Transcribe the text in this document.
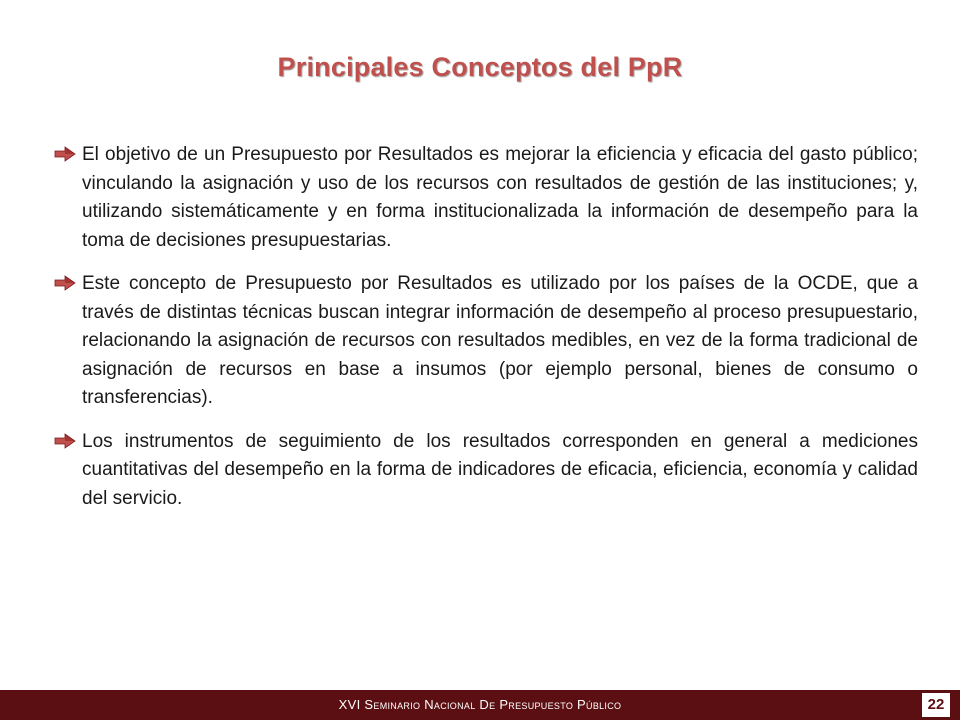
Principales Conceptos del PpR
El objetivo de un Presupuesto por Resultados es mejorar la eficiencia y eficacia del gasto público; vinculando la asignación y uso de los recursos con resultados de gestión de las instituciones; y, utilizando sistemáticamente y en forma institucionalizada la información de desempeño para la toma de decisiones presupuestarias.
Este concepto de Presupuesto por Resultados es utilizado por los países de la OCDE, que a través de distintas técnicas buscan integrar información de desempeño al proceso presupuestario, relacionando la asignación de recursos con resultados medibles, en vez de la forma tradicional de asignación de recursos en base a insumos (por ejemplo personal, bienes de consumo o transferencias).
Los instrumentos de seguimiento de los resultados corresponden en general a mediciones cuantitativas del desempeño en la forma de indicadores de eficacia, eficiencia, economía y calidad del servicio.
XVI Seminario Nacional De Presupuesto Público	22
